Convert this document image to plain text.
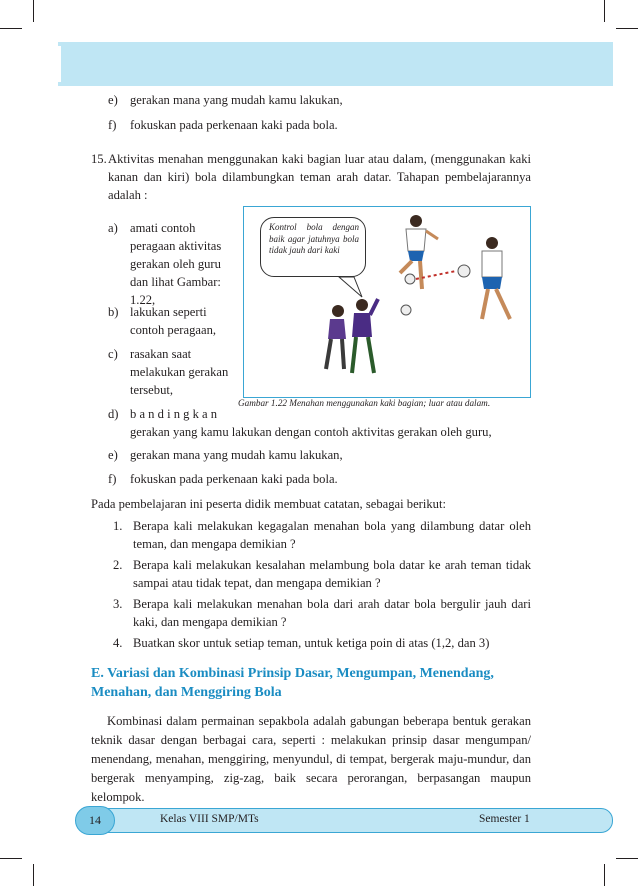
e) gerakan mana yang mudah kamu lakukan,
f) fokuskan pada perkenaan kaki pada bola.
15. Aktivitas menahan menggunakan kaki bagian luar atau dalam, (menggunakan kaki kanan dan kiri) bola dilambungkan teman arah datar. Tahapan pembelajarannya adalah :
a) amati contoh
peragaan aktivitas
gerakan oleh guru
dan lihat Gambar:
1.22,
b) lakukan seperti
contoh peragaan,
c) rasakan saat
melakukan gerakan
tersebut,
d) b a n d i n g k a n
gerakan yang kamu lakukan dengan contoh aktivitas gerakan oleh guru,
e) gerakan mana yang mudah kamu lakukan,
f) fokuskan pada perkenaan kaki pada bola.
Kontrol bola dengan baik agar jatuhnya bola tidak jauh dari kaki
Gambar 1.22 Menahan menggunakan kaki bagian; luar atau dalam.
Pada pembelajaran ini peserta didik membuat catatan, sebagai berikut:
1. Berapa kali melakukan kegagalan menahan bola yang dilambung datar oleh teman, dan mengapa demikian ?
2. Berapa kali melakukan kesalahan melambung bola datar ke arah teman tidak sampai atau tidak tepat, dan mengapa demikian ?
3. Berapa kali melakukan menahan bola dari arah datar bola bergulir jauh dari kaki, dan mengapa demikian ?
4. Buatkan skor untuk setiap teman, untuk ketiga poin di atas (1,2, dan 3)
E. Variasi dan Kombinasi Prinsip Dasar, Mengumpan, Menendang, Menahan, dan Menggiring Bola
Kombinasi dalam permainan sepakbola adalah gabungan beberapa bentuk gerakan teknik dasar dengan berbagai cara, seperti : melakukan prinsip dasar mengumpan/ menendang, menahan, menggiring, menyundul, di tempat, bergerak maju-mundur, dan bergerak menyamping, zig-zag, baik secara perorangan, berpasangan maupun kelompok.
14	Kelas VIII SMP/MTs	Semester 1
